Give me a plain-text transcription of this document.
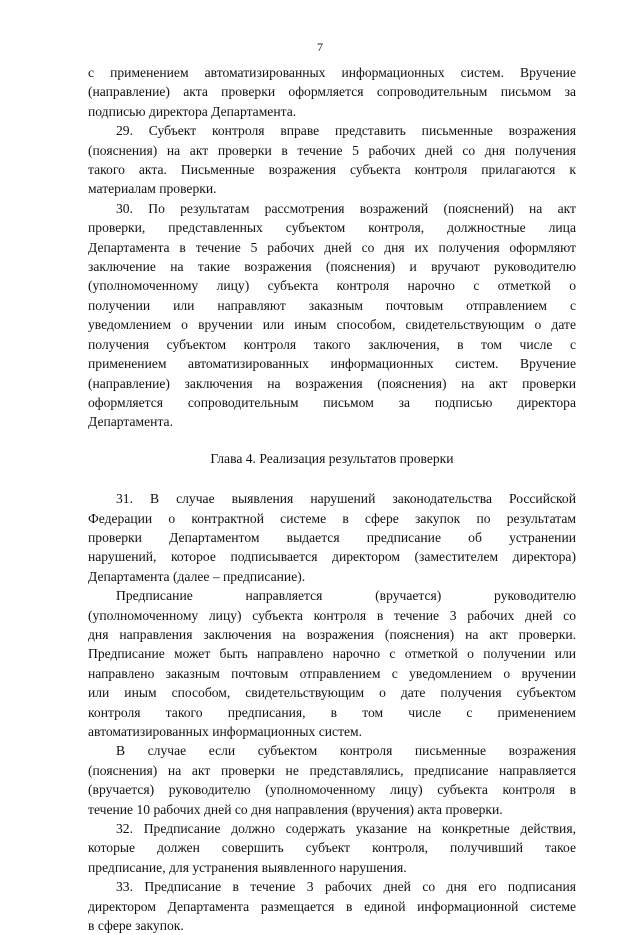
7
с применением автоматизированных информационных систем. Вручение
(направление) акта проверки оформляется сопроводительным письмом за
подписью директора Департамента.
29. Субъект контроля вправе представить письменные возражения
(пояснения) на акт проверки в течение 5 рабочих дней со дня получения
такого акта. Письменные возражения субъекта контроля прилагаются к
материалам проверки.
30. По результатам рассмотрения возражений (пояснений) на акт
проверки, представленных субъектом контроля, должностные лица
Департамента в течение 5 рабочих дней со дня их получения оформляют
заключение на такие возражения (пояснения) и вручают руководителю
(уполномоченному лицу) субъекта контроля нарочно с отметкой о
получении или направляют заказным почтовым отправлением с
уведомлением о вручении или иным способом, свидетельствующим о дате
получения субъектом контроля такого заключения, в том числе с
применением автоматизированных информационных систем. Вручение
(направление) заключения на возражения (пояснения) на акт проверки
оформляется сопроводительным письмом за подписью директора
Департамента.
Глава 4. Реализация результатов проверки
31. В случае выявления нарушений законодательства Российской
Федерации о контрактной системе в сфере закупок по результатам
проверки Департаментом выдается предписание об устранении
нарушений, которое подписывается директором (заместителем директора)
Департамента (далее – предписание).
Предписание направляется (вручается) руководителю
(уполномоченному лицу) субъекта контроля в течение 3 рабочих дней со
дня направления заключения на возражения (пояснения) на акт проверки.
Предписание может быть направлено нарочно с отметкой о получении или
направлено заказным почтовым отправлением с уведомлением о вручении
или иным способом, свидетельствующим о дате получения субъектом
контроля такого предписания, в том числе с применением
автоматизированных информационных систем.
В случае если субъектом контроля письменные возражения
(пояснения) на акт проверки не представлялись, предписание направляется
(вручается) руководителю (уполномоченному лицу) субъекта контроля в
течение 10 рабочих дней со дня направления (вручения) акта проверки.
32. Предписание должно содержать указание на конкретные действия,
которые должен совершить субъект контроля, получивший такое
предписание, для устранения выявленного нарушения.
33. Предписание в течение 3 рабочих дней со дня его подписания
директором Департамента размещается в единой информационной системе
в сфере закупок.
